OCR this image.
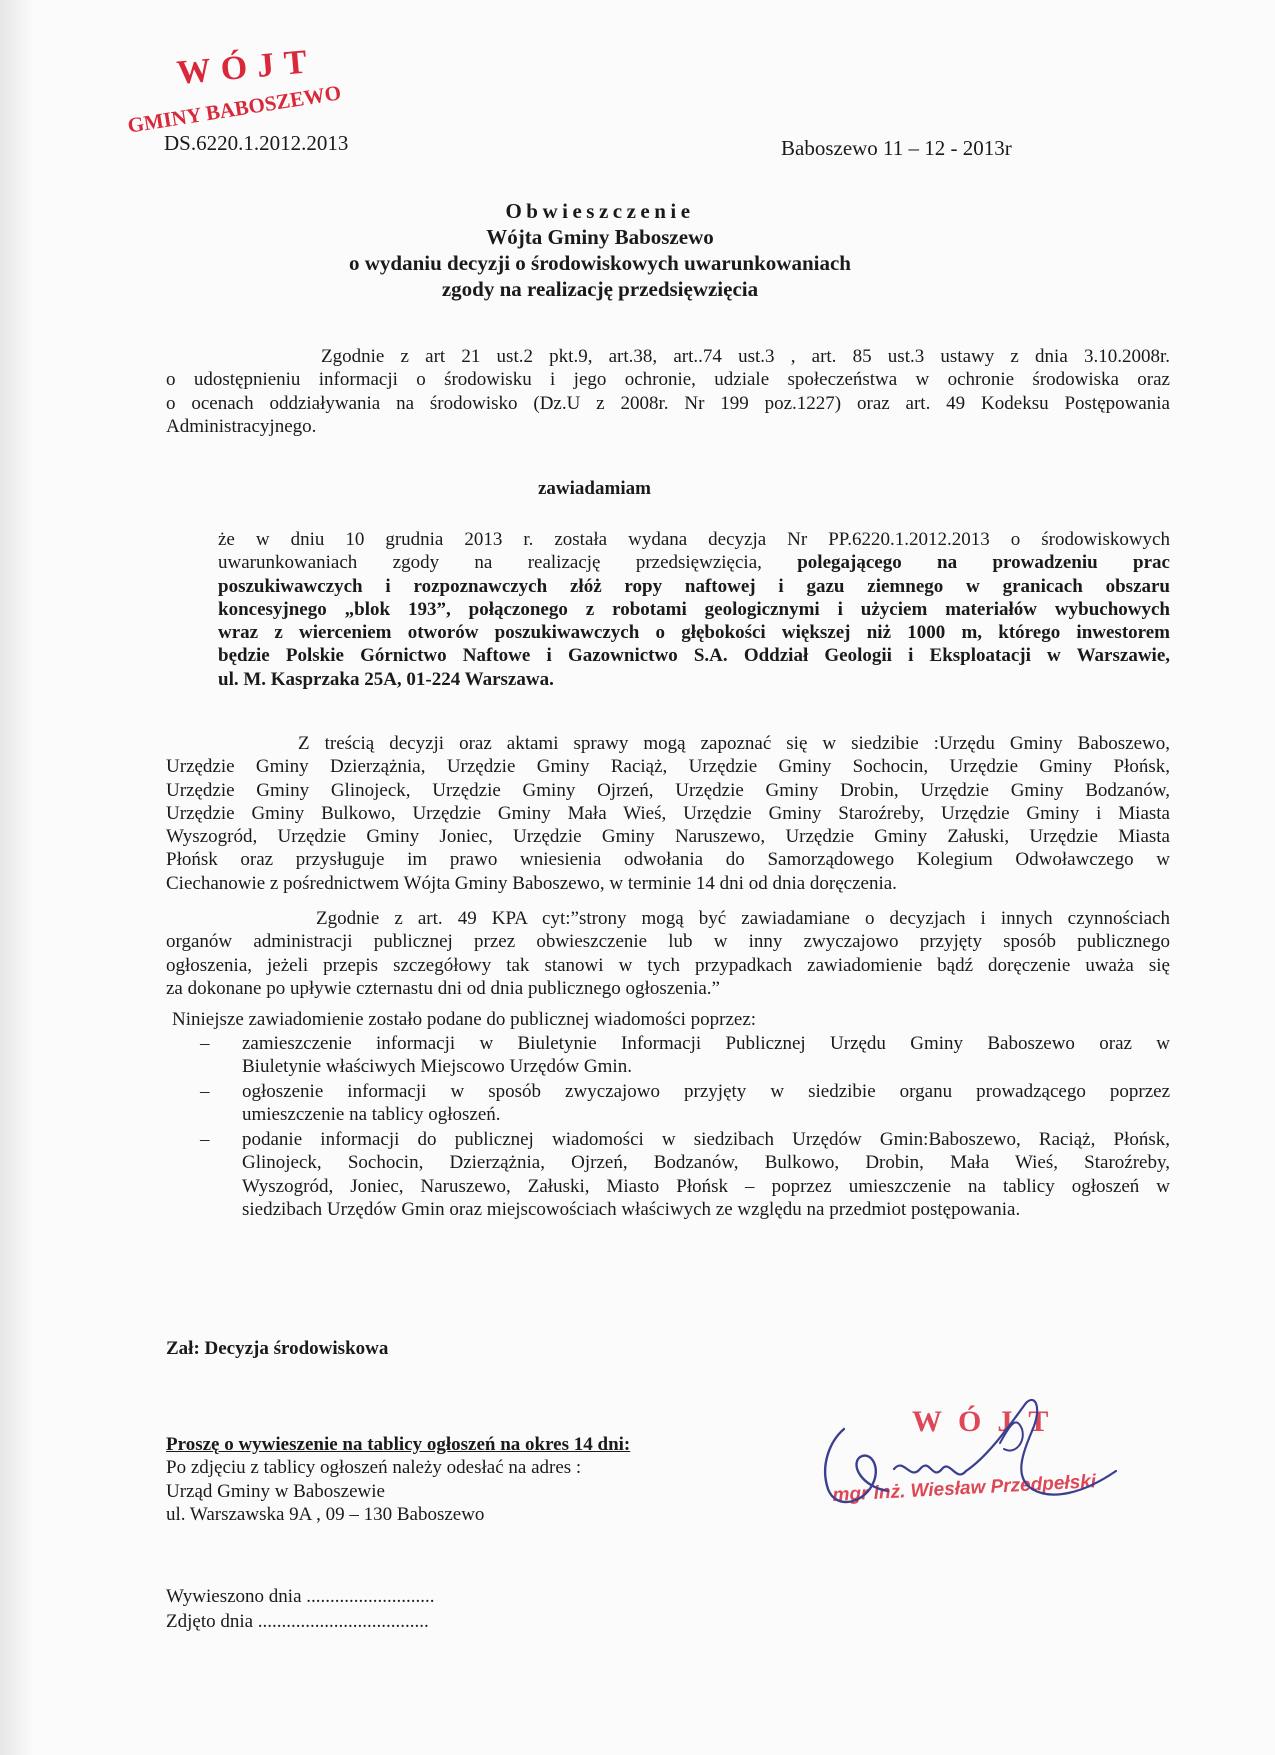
WÓJT
GMINY BABOSZEWO
DS.6220.1.2012.2013	Baboszewo 11 – 12 - 2013r
Obwieszczenie
Wójta Gminy Baboszewo
o wydaniu decyzji o środowiskowych uwarunkowaniach
zgody na realizację przedsięwzięcia
Zgodnie z art 21 ust.2 pkt.9, art.38, art..74 ust.3 , art. 85 ust.3 ustawy z dnia 3.10.2008r.
o udostępnieniu informacji o środowisku i jego ochronie, udziale społeczeństwa w ochronie środowiska oraz
o ocenach oddziaływania na środowisko (Dz.U z 2008r. Nr 199 poz.1227) oraz art. 49 Kodeksu Postępowania
Administracyjnego.
zawiadamiam
że w dniu 10 grudnia 2013 r. została wydana decyzja Nr PP.6220.1.2012.2013 o środowiskowych
uwarunkowaniach zgody na realizację przedsięwzięcia, polegającego na prowadzeniu prac
poszukiwawczych i rozpoznawczych złóż ropy naftowej i gazu ziemnego w granicach obszaru
koncesyjnego „blok 193”, połączonego z robotami geologicznymi i użyciem materiałów wybuchowych
wraz z wierceniem otworów poszukiwawczych o głębokości większej niż 1000 m, którego inwestorem
będzie Polskie Górnictwo Naftowe i Gazownictwo S.A. Oddział Geologii i Eksploatacji w Warszawie,
ul. M. Kasprzaka 25A, 01-224 Warszawa.
Z treścią decyzji oraz aktami sprawy mogą zapoznać się w siedzibie :Urzędu Gminy Baboszewo,
Urzędzie Gminy Dzierzążnia, Urzędzie Gminy Raciąż, Urzędzie Gminy Sochocin, Urzędzie Gminy Płońsk,
Urzędzie Gminy Glinojeck, Urzędzie Gminy Ojrzeń, Urzędzie Gminy Drobin, Urzędzie Gminy Bodzanów,
Urzędzie Gminy Bulkowo, Urzędzie Gminy Mała Wieś, Urzędzie Gminy Staroźreby, Urzędzie Gminy i Miasta
Wyszogród, Urzędzie Gminy Joniec, Urzędzie Gminy Naruszewo, Urzędzie Gminy Załuski, Urzędzie Miasta
Płońsk oraz przysługuje im prawo wniesienia odwołania do Samorządowego Kolegium Odwoławczego w
Ciechanowie z pośrednictwem Wójta Gminy Baboszewo, w terminie 14 dni od dnia doręczenia.
Zgodnie z art. 49 KPA cyt:”strony mogą być zawiadamiane o decyzjach i innych czynnościach
organów administracji publicznej przez obwieszczenie lub w inny zwyczajowo przyjęty sposób publicznego
ogłoszenia, jeżeli przepis szczegółowy tak stanowi w tych przypadkach zawiadomienie bądź doręczenie uważa się
za dokonane po upływie czternastu dni od dnia publicznego ogłoszenia.”
Niniejsze zawiadomienie zostało podane do publicznej wiadomości poprzez:
– zamieszczenie informacji w Biuletynie Informacji Publicznej Urzędu Gminy Baboszewo oraz w
Biuletynie właściwych Miejscowo Urzędów Gmin.
– ogłoszenie informacji w sposób zwyczajowo przyjęty w siedzibie organu prowadzącego poprzez
umieszczenie na tablicy ogłoszeń.
– podanie informacji do publicznej wiadomości w siedzibach Urzędów Gmin:Baboszewo, Raciąż, Płońsk,
Glinojeck, Sochocin, Dzierzążnia, Ojrzeń, Bodzanów, Bulkowo, Drobin, Mała Wieś, Staroźreby,
Wyszogród, Joniec, Naruszewo, Załuski, Miasto Płońsk – poprzez umieszczenie na tablicy ogłoszeń w
siedzibach Urzędów Gmin oraz miejscowościach właściwych ze względu na przedmiot postępowania.
Zał: Decyzja środowiskowa
Proszę o wywieszenie na tablicy ogłoszeń na okres 14 dni:
Po zdjęciu z tablicy ogłoszeń należy odesłać na adres :
Urząd Gminy w Baboszewie
ul. Warszawska 9A , 09 – 130 Baboszewo
Wywieszono dnia ...........................
Zdjęto dnia ....................................
WÓJT
mgr inż. Wiesław Przedpełski
